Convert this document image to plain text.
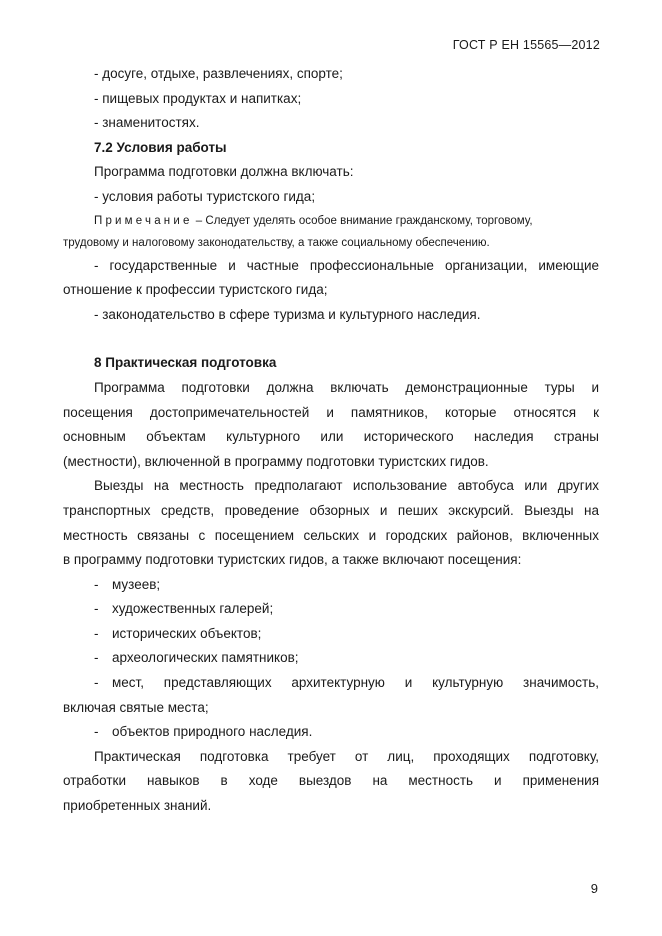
ГОСТ Р ЕН 15565—2012
- досуге, отдыхе, развлечениях, спорте;
- пищевых продуктах и напитках;
- знаменитостях.
7.2 Условия работы
Программа подготовки должна включать:
- условия работы туристского гида;
Примечание – Следует уделять особое внимание гражданскому, торговому,
трудовому и налоговому законодательству, а также социальному обеспечению.
- государственные и частные профессиональные организации, имеющие
отношение к профессии туристского гида;
- законодательство в сфере туризма и культурного наследия.
8 Практическая подготовка
Программа подготовки должна включать демонстрационные туры и
посещения достопримечательностей и памятников, которые относятся к
основным объектам культурного или исторического наследия страны
(местности), включенной в программу подготовки туристских гидов.
Выезды на местность предполагают использование автобуса или других
транспортных средств, проведение обзорных и пеших экскурсий. Выезды на
местность связаны с посещением сельских и городских районов, включенных
в программу подготовки туристских гидов, а также включают посещения:
-	музеев;
-	художественных галерей;
-	исторических объектов;
-	археологических памятников;
-	мест, представляющих архитектурную и культурную значимость,
включая святые места;
-	объектов природного наследия.
Практическая подготовка требует от лиц, проходящих подготовку,
отработки навыков в ходе выездов на местность и применения
приобретенных знаний.
9
